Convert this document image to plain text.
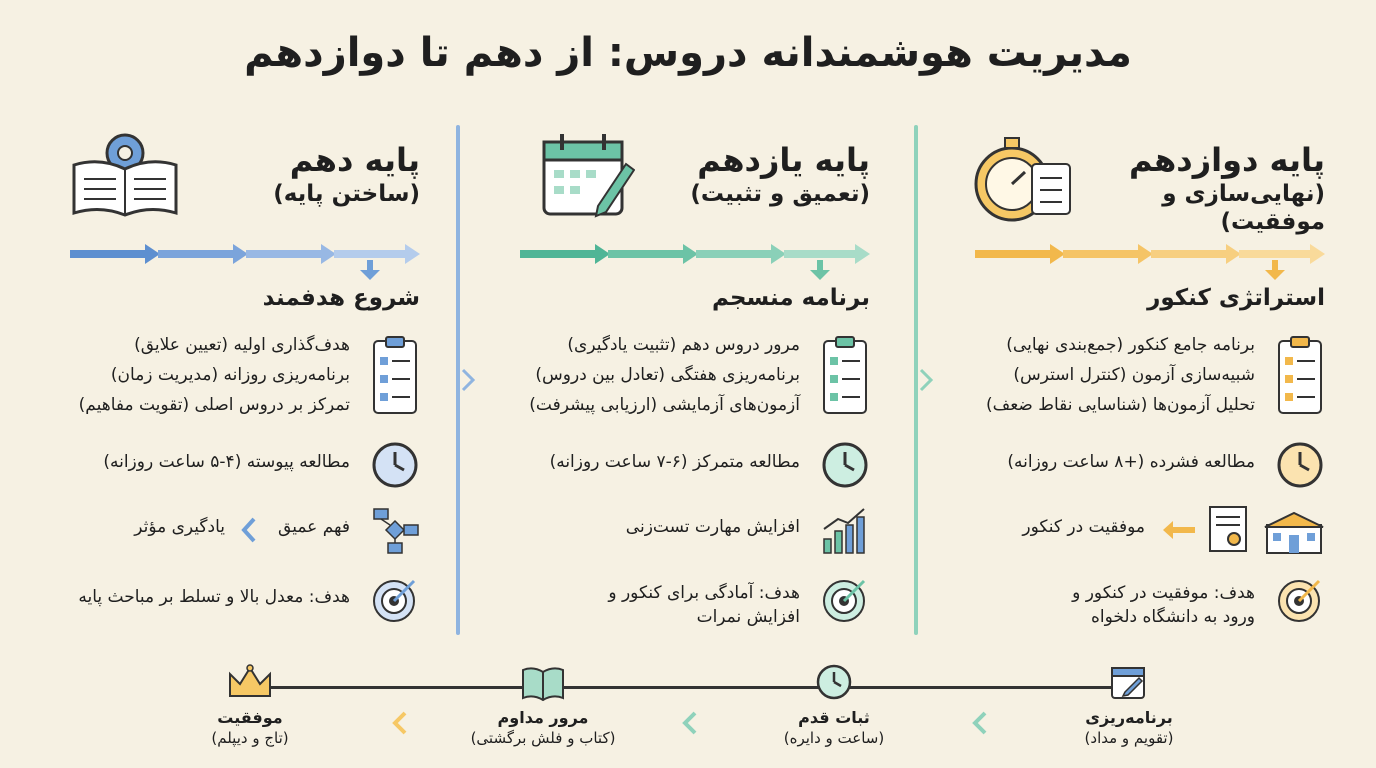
مدیریت هوشمندانه دروس: از دهم تا دوازدهم
پایه دوازدهم
(نهایی‌سازی و موفقیت)
استراتژی کنکور
برنامه جامع کنکور (جمع‌بندی نهایی)
شبیه‌سازی آزمون (کنترل استرس)
تحلیل آزمون‌ها (شناسایی نقاط ضعف)
مطالعه فشرده (+۸ ساعت روزانه)
موفقیت در کنکور
هدف: موفقیت در کنکور و
ورود به دانشگاه دلخواه
پایه یازدهم
(تعمیق و تثبیت)
برنامه منسجم
مرور دروس دهم (تثبیت یادگیری)
برنامه‌ریزی هفتگی (تعادل بین دروس)
آزمون‌های آزمایشی (ارزیابی پیشرفت)
مطالعه متمرکز (۶-۷ ساعت روزانه)
افزایش مهارت تست‌زنی
هدف: آمادگی برای کنکور و
افزایش نمرات
پایه دهم
(ساختن پایه)
شروع هدفمند
هدف‌گذاری اولیه (تعیین علایق)
برنامه‌ریزی روزانه (مدیریت زمان)
تمرکز بر دروس اصلی (تقویت مفاهیم)
مطالعه پیوسته (۴-۵ ساعت روزانه)
فهم عمیق
یادگیری مؤثر
هدف: معدل بالا و تسلط بر مباحث پایه
برنامه‌ریزی
(تقویم و مداد)
ثبات قدم
(ساعت و دایره)
مرور مداوم
(کتاب و فلش برگشتی)
موفقیت
(تاج و دیپلم)
